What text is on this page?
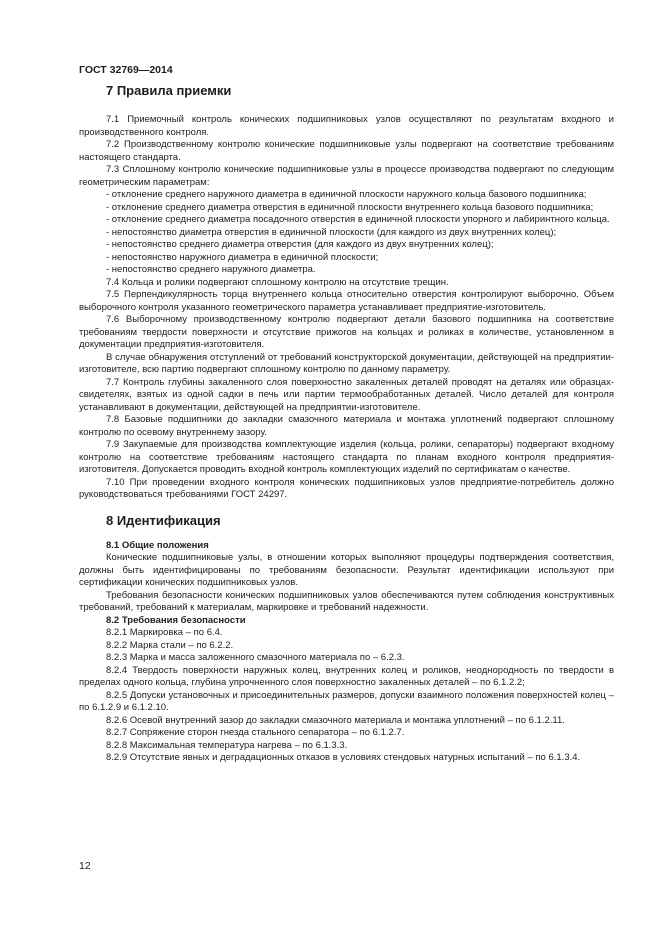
ГОСТ 32769—2014
7 Правила приемки

7.1 Приемочный контроль конических подшипниковых узлов осуществляют по результатам входного и производственного контроля.

7.2 Производственному контролю конические подшипниковые узлы подвергают на соответствие требованиям настоящего стандарта.

7.3 Сплошному контролю конические подшипниковые узлы в процессе производства подвергают по следующим геометрическим параметрам:

- отклонение среднего наружного диаметра в единичной плоскости наружного кольца базового подшипника;

- отклонение среднего диаметра отверстия в единичной плоскости внутреннего кольца базового подшипника;

- отклонение среднего диаметра посадочного отверстия в единичной плоскости упорного и лабиринтного кольца.

- непостоянство диаметра отверстия в единичной плоскости (для каждого из двух внутренних колец);

- непостоянство среднего диаметра отверстия (для каждого из двух внутренних колец);

- непостоянство наружного диаметра в единичной плоскости;

- непостоянство среднего наружного диаметра.

7.4 Кольца и ролики подвергают сплошному контролю на отсутствие трещин.

7.5 Перпендикулярность торца внутреннего кольца относительно отверстия контролируют выборочно. Объем выборочного контроля указанного геометрического параметра устанавливает предприятие-изготовитель.

7.6 Выборочному производственному контролю подвергают детали базового подшипника на соответствие требованиям твердости поверхности и отсутствие прижогов на кольцах и роликах в количестве, установленном в документации предприятия-изготовителя.

В случае обнаружения отступлений от требований конструкторской документации, действующей на предприятии-изготовителе, всю партию подвергают сплошному контролю по данному параметру.

7.7 Контроль глубины закаленного слоя поверхностно закаленных деталей проводят на деталях или образцах-свидетелях, взятых из одной садки в печь или партии термообработанных деталей. Число деталей для контроля устанавливают в документации, действующей на предприятии-изготовителе.

7.8 Базовые подшипники до закладки смазочного материала и монтажа уплотнений подвергают сплошному контролю по осевому внутреннему зазору.

7.9 Закупаемые для производства комплектующие изделия (кольца, ролики, сепараторы) подвергают входному контролю на соответствие требованиям настоящего стандарта по планам входного контроля предприятия-изготовителя. Допускается проводить входной контроль комплектующих изделий по сертификатам о качестве.

7.10 При проведении входного контроля конических подшипниковых узлов предприятие-потребитель должно руководствоваться требованиями ГОСТ 24297.

8 Идентификация

8.1 Общие положения

Конические подшипниковые узлы, в отношении которых выполняют процедуры подтверждения соответствия, должны быть идентифицированы по требованиям безопасности. Результат идентификации используют при сертификации конических подшипниковых узлов.

Требования безопасности конических подшипниковых узлов обеспечиваются путем соблюдения конструктивных требований, требований к материалам, маркировке и требований надежности.

8.2 Требования безопасности

8.2.1 Маркировка – по 6.4.

8.2.2 Марка стали – по 6.2.2.

8.2.3 Марка и масса заложенного смазочного материала по – 6.2.3.

8.2.4 Твердость поверхности наружных колец, внутренних колец и роликов, неоднородность по твердости в пределах одного кольца, глубина упрочненного слоя поверхностно закаленных деталей – по 6.1.2.2;

8.2.5 Допуски установочных и присоединительных размеров, допуски взаимного положения поверхностей колец – по 6.1.2.9 и 6.1.2.10.

8.2.6 Осевой внутренний зазор до закладки смазочного материала и монтажа уплотнений – по 6.1.2.11.

8.2.7 Сопряжение сторон гнезда стального сепаратора – по 6.1.2.7.

8.2.8 Максимальная температура нагрева – по 6.1.3.3.

8.2.9 Отсутствие явных и деградационных отказов в условиях стендовых натурных испытаний – по 6.1.3.4.

12
